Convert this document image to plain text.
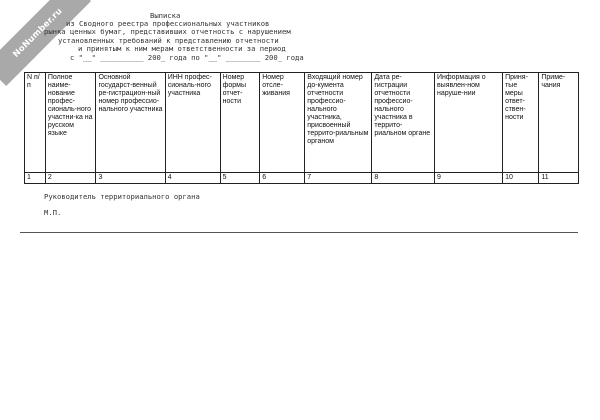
NoNumber.ru	Выписка
из Сводного реестра профессиональных участников
рынка ценных бумаг, представивших отчетность с нарушением
установленных требований к представлению отчетности
и принятым к ним мерам ответственности за период
с "__" __________ 200_ года по "__" ________ 200_ года
N п/п	Полное наиме-нование профес-сиональ-ного участни-ка на русском языке	Основной государст-венный ре-гистрацион-ный номер профессио-нального участника	ИНН профес-сиональ-ного участника	Номер формы отчет-ности	Номер отсле-живания	Входящий номер до-кумента отчетности профессио-нального участника, присвоенный террито-риальным органом	Дата ре-гистрации отчетности профессио-нального участника в террито-риальном органе	Информация о выявлен-ном наруше-нии	Приня-тые меры ответ-ствен-ности	Приме-чания
1	2	3	4	5	6	7	8	9	10	11
Руководитель территориального органа
М.П.
